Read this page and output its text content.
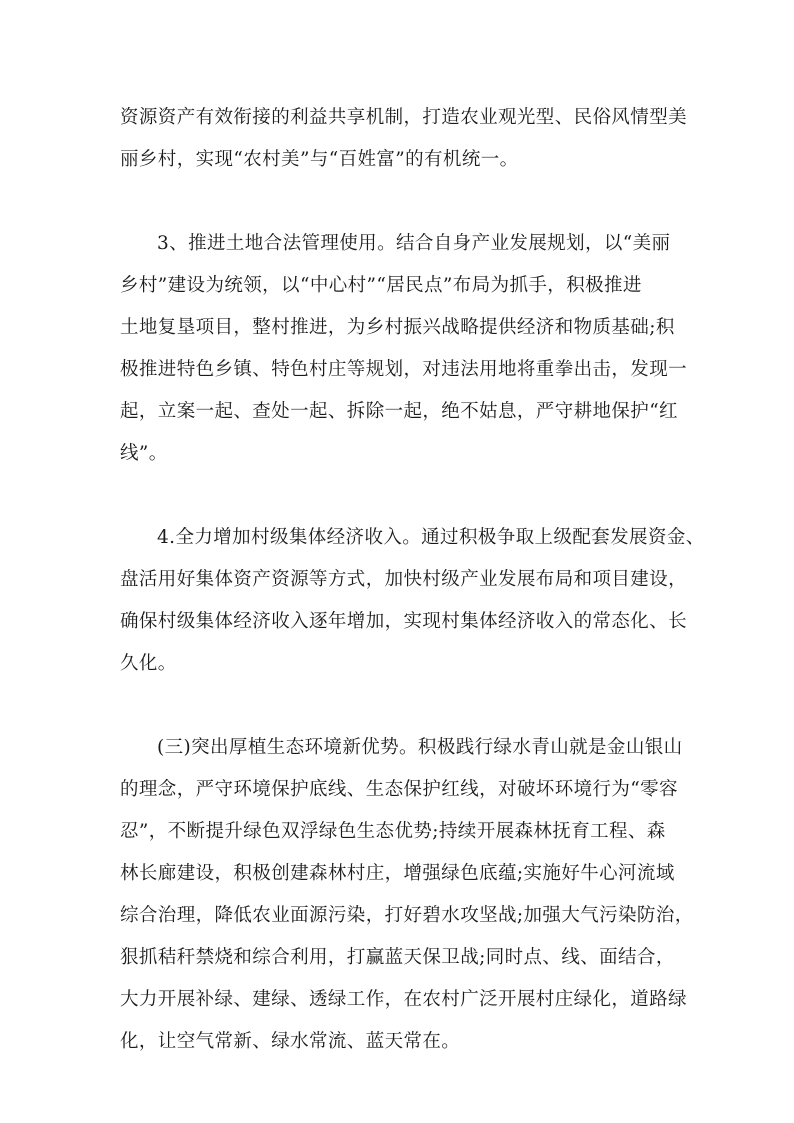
资源资产有效衔接的利益共享机制，打造农业观光型、民俗风情型美
丽乡村，实现“农村美”与“百姓富”的有机统一。
3、推进土地合法管理使用。结合自身产业发展规划，以“美丽
乡村”建设为统领，以“中心村”“居民点”布局为抓手，积极推进
土地复垦项目，整村推进，为乡村振兴战略提供经济和物质基础;积
极推进特色乡镇、特色村庄等规划，对违法用地将重拳出击，发现一
起，立案一起、查处一起、拆除一起，绝不姑息，严守耕地保护“红
线”。
4.全力增加村级集体经济收入。通过积极争取上级配套发展资金、
盘活用好集体资产资源等方式，加快村级产业发展布局和项目建设，
确保村级集体经济收入逐年增加，实现村集体经济收入的常态化、长
久化。
(三)突出厚植生态环境新优势。积极践行绿水青山就是金山银山
的理念，严守环境保护底线、生态保护红线，对破坏环境行为“零容
忍”，不断提升绿色双浮绿色生态优势;持续开展森林抚育工程、森
林长廊建设，积极创建森林村庄，增强绿色底蕴;实施好牛心河流域
综合治理，降低农业面源污染，打好碧水攻坚战;加强大气污染防治，
狠抓秸秆禁烧和综合利用，打赢蓝天保卫战;同时点、线、面结合，
大力开展补绿、建绿、透绿工作，在农村广泛开展村庄绿化，道路绿
化，让空气常新、绿水常流、蓝天常在。
